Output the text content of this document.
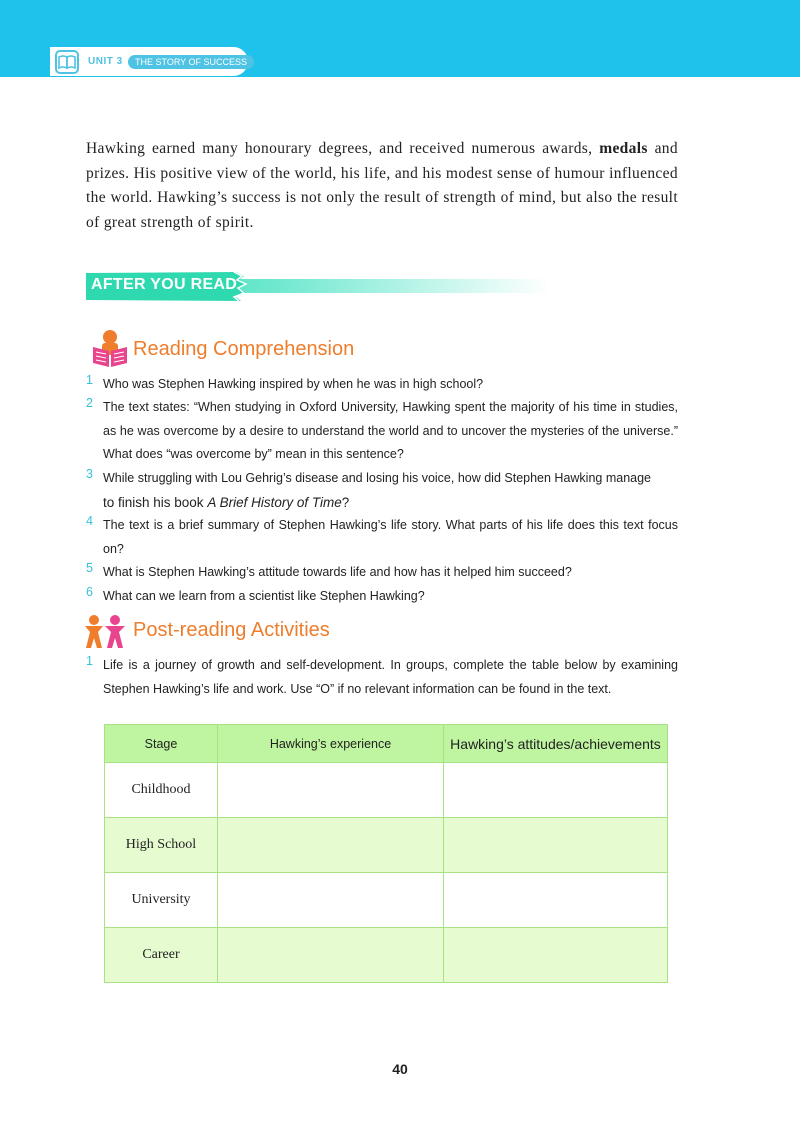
UNIT 3	THE STORY OF SUCCESS
Hawking earned many honourary degrees, and received numerous awards, medals and prizes. His positive view of the world, his life, and his modest sense of humour influenced the world. Hawking’s success is not only the result of strength of mind, but also the result of great strength of spirit.
AFTER YOU READ
Reading Comprehension
1 Who was Stephen Hawking inspired by when he was in high school?
2 The text states: “When studying in Oxford University, Hawking spent the majority of his time in studies, as he was overcome by a desire to understand the world and to uncover the mysteries of the universe.” What does “was overcome by” mean in this sentence?
3 While struggling with Lou Gehrig’s disease and losing his voice, how did Stephen Hawking manage
to finish his book A Brief History of Time?
4 The text is a brief summary of Stephen Hawking’s life story. What parts of his life does this text focus on?
5 What is Stephen Hawking’s attitude towards life and how has it helped him succeed?
6 What can we learn from a scientist like Stephen Hawking?
Post-reading Activities
1 Life is a journey of growth and self-development. In groups, complete the table below by examining Stephen Hawking’s life and work. Use “O” if no relevant information can be found in the text.
Stage	Hawking’s experience	Hawking’s attitudes/achievements
Childhood		
High School		
University		
Career		
40
